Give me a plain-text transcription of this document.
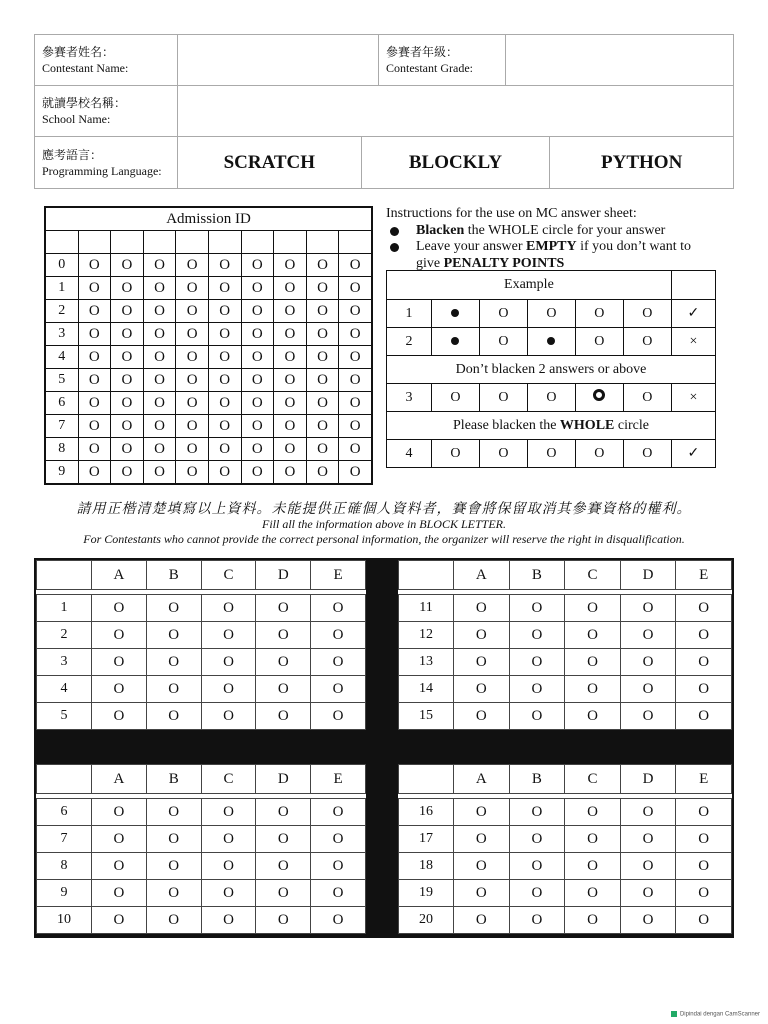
參賽者姓名：
Contestant Name:

參賽者年級：
Contestant Grade:

就讀學校名稱：
School Name:

應考語言：
Programming Language:
		SCRATCH	BLOCKLY	PYTHON
Admission ID									

0	O	O	O	O	O	O	O	O	O
1	O	O	O	O	O	O	O	O	O
2	O	O	O	O	O	O	O	O	O
3	O	O	O	O	O	O	O	O	O
4	O	O	O	O	O	O	O	O	O
5	O	O	O	O	O	O	O	O	O
6	O	O	O	O	O	O	O	O	O
7	O	O	O	O	O	O	O	O	O
8	O	O	O	O	O	O	O	O	O
9	O	O	O	O	O	O	O	O	O
Instructions for the use on MC answer sheet:
Blacken the WHOLE circle for your answer
Leave your answer EMPTY if you don’t want to
give PENALTY POINTS
Example						
1		O	O	O	O	✓
2		O		O	O	×
Don’t blacken 2 answers or above						
3	O	O	O		O	×
Please blacken the WHOLE circle						
4	O	O	O	O	O	✓
請用正楷清楚填寫以上資料。未能提供正確個人資料者，賽會將保留取消其參賽資格的權利。
Fill all the information above in BLOCK LETTER.
For Contestants who cannot provide the correct personal information, the organizer will reserve the right in disqualification.
	A	B	C	D	E

1	O	O	O	O	O
2	O	O	O	O	O
3	O	O	O	O	O
4	O	O	O	O	O
5	O	O	O	O	O
	A	B	C	D	E

11	O	O	O	O	O
12	O	O	O	O	O
13	O	O	O	O	O
14	O	O	O	O	O
15	O	O	O	O	O
	A	B	C	D	E

6	O	O	O	O	O
7	O	O	O	O	O
8	O	O	O	O	O
9	O	O	O	O	O
10	O	O	O	O	O
	A	B	C	D	E

16	O	O	O	O	O
17	O	O	O	O	O
18	O	O	O	O	O
19	O	O	O	O	O
20	O	O	O	O	O
Dipindai dengan CamScanner
